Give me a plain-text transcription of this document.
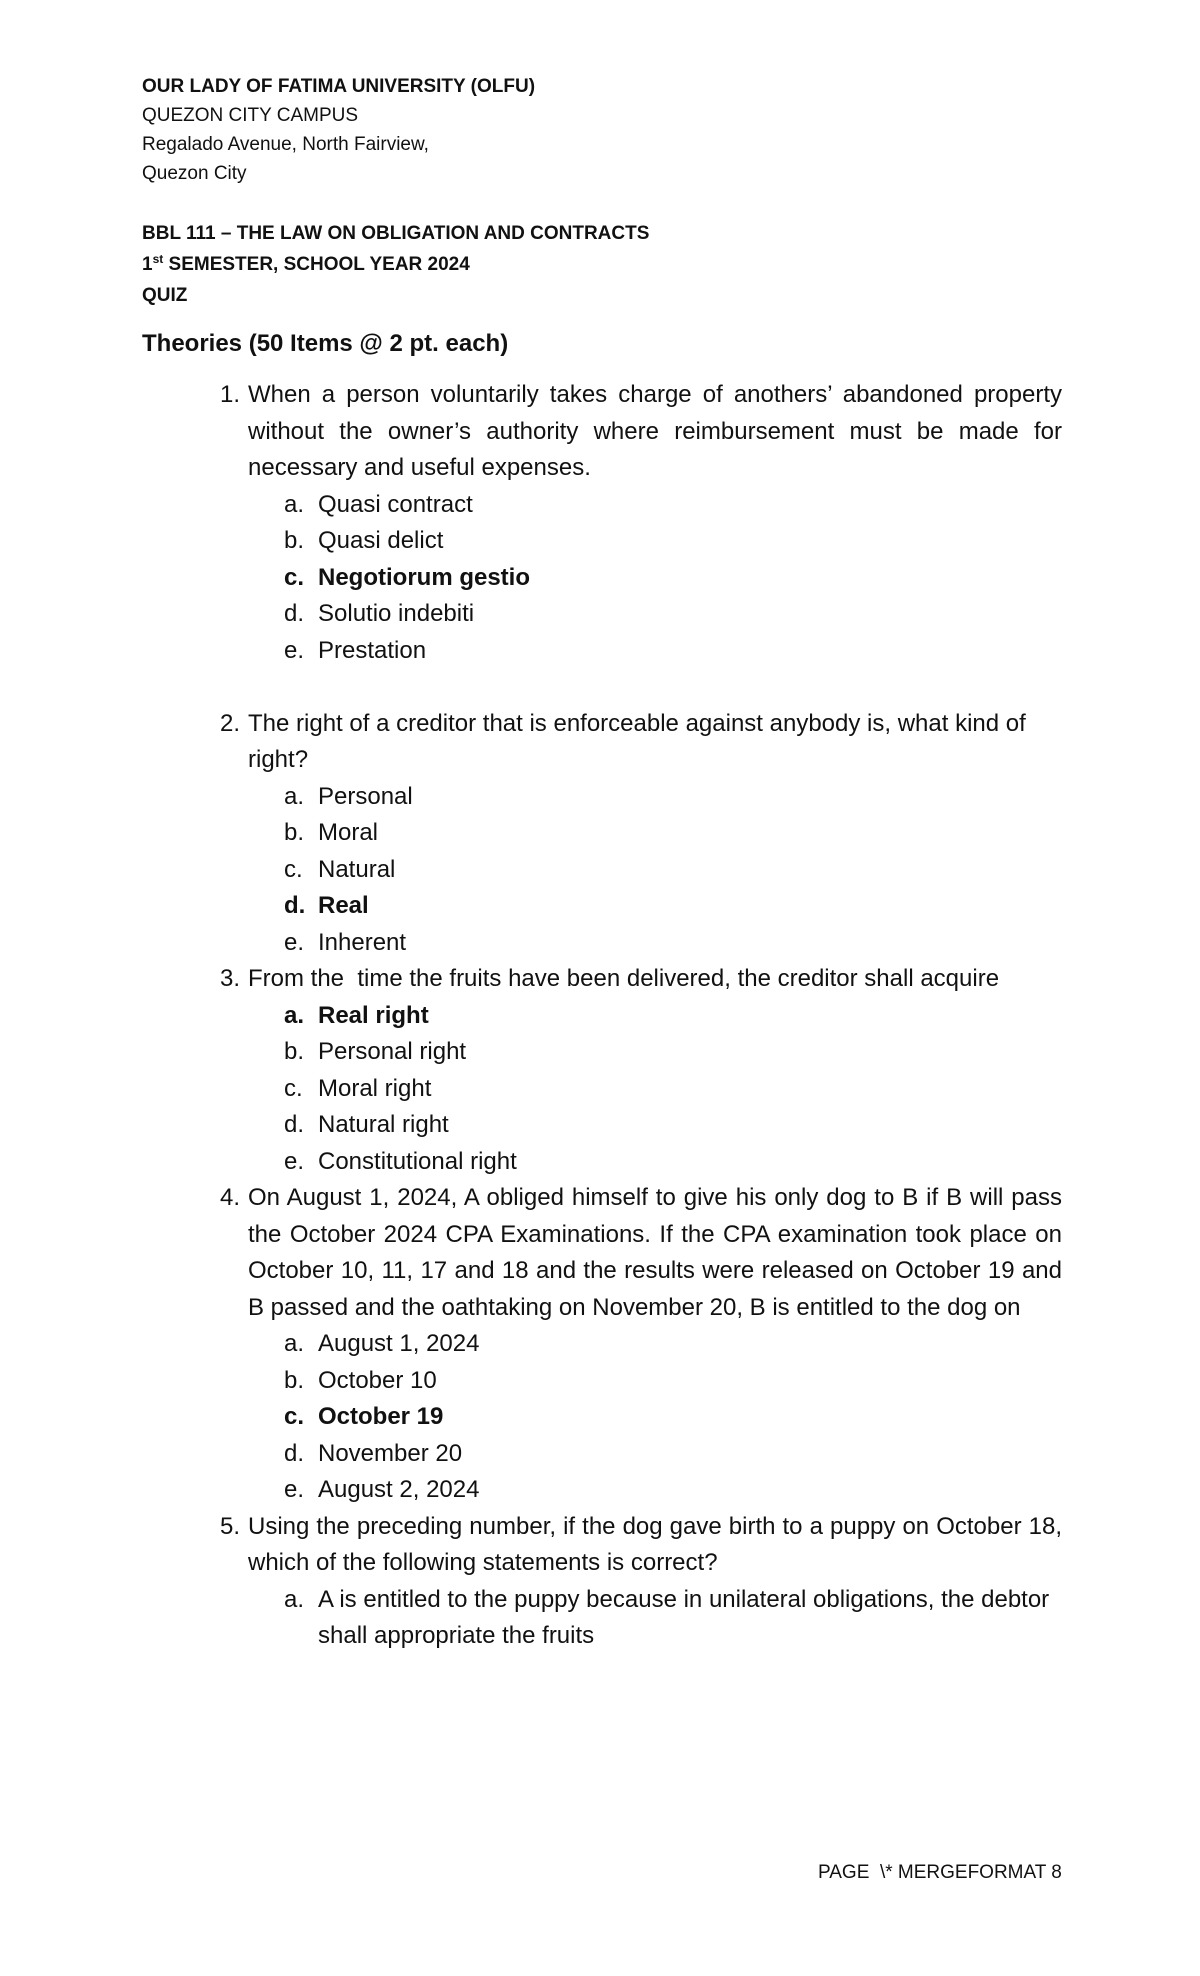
OUR LADY OF FATIMA UNIVERSITY (OLFU)
QUEZON CITY CAMPUS
Regalado Avenue, North Fairview,
Quezon City
BBL 111 – THE LAW ON OBLIGATION AND CONTRACTS
1st SEMESTER, SCHOOL YEAR 2024
QUIZ
Theories (50 Items @ 2 pt. each)
1. When a person voluntarily takes charge of anothers’ abandoned property without the owner’s authority where reimbursement must be made for necessary and useful expenses.
a. Quasi contract
b. Quasi delict
c. Negotiorum gestio
d. Solutio indebiti
e. Prestation
2. The right of a creditor that is enforceable against anybody is, what kind of right?
a. Personal
b. Moral
c. Natural
d. Real
e. Inherent
3. From the  time the fruits have been delivered, the creditor shall acquire
a. Real right
b. Personal right
c. Moral right
d. Natural right
e. Constitutional right
4. On August 1, 2024, A obliged himself to give his only dog to B if B will pass the October 2024 CPA Examinations. If the CPA examination took place on October 10, 11, 17 and 18 and the results were released on October 19 and B passed and the oathtaking on November 20, B is entitled to the dog on
a. August 1, 2024
b. October 10
c. October 19
d. November 20
e. August 2, 2024
5. Using the preceding number, if the dog gave birth to a puppy on October 18, which of the following statements is correct?
a. A is entitled to the puppy because in unilateral obligations, the debtor shall appropriate the fruits
PAGE  \* MERGEFORMAT 8
